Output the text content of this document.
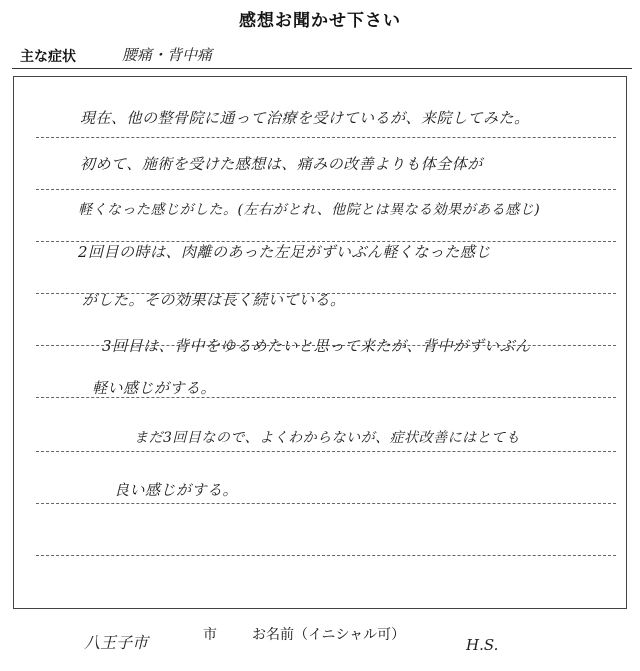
感想お聞かせ下さい
主な症状	腰痛・背中痛
現在、他の整骨院に通って治療を受けているが、来院してみた。
初めて、施術を受けた感想は、痛みの改善よりも体全体が
軽くなった感じがした。(左右がとれ、他院とは異なる効果がある感じ)
2回目の時は、肉離のあった左足がずいぶん軽くなった感じ
がした。その効果は長く続いている。
3回目は、背中をゆるめたいと思って来たが、背中がずいぶん
軽い感じがする。
まだ3回目なので、よくわからないが、症状改善にはとても
良い感じがする。
八王子市	市	お名前（イニシャル可）
H.S.
